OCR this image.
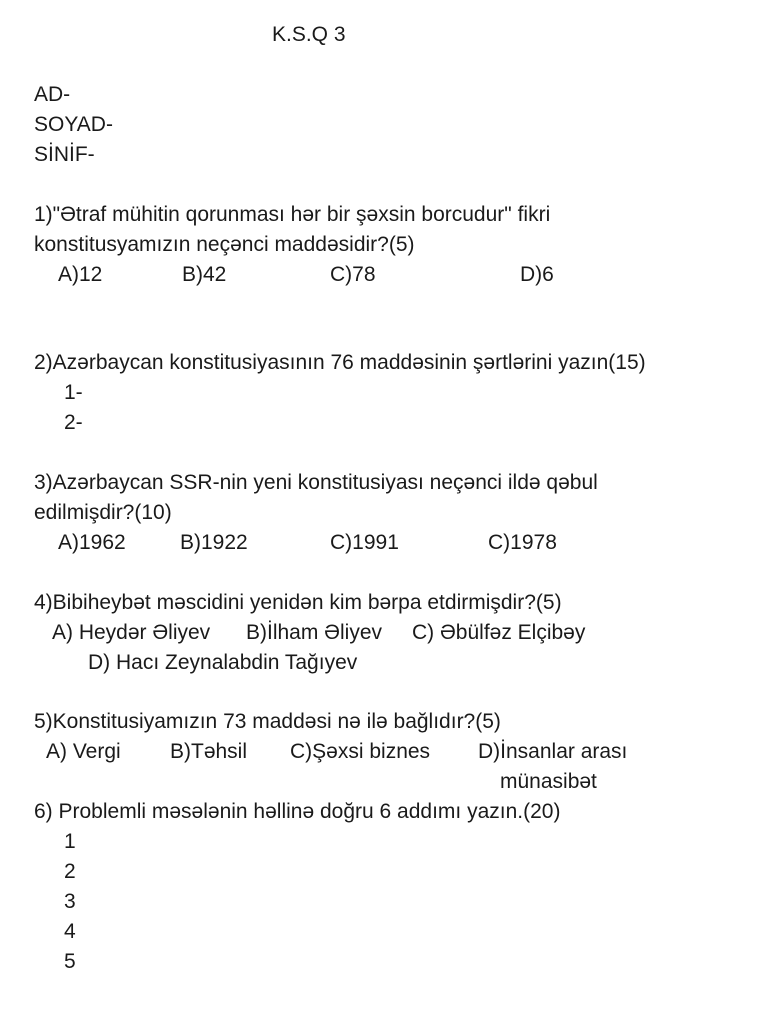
K.S.Q 3
AD-
SOYAD-
SİNİF-
1)"Ətraf mühitin qorunması hər bir şəxsin borcudur" fikri
konstitusyamızın neçənci maddəsidir?(5)
A)12	B)42	C)78	D)6
2)Azərbaycan konstitusiyasının 76 maddəsinin şərtlərini yazın(15)
1-
2-
3)Azərbaycan SSR-nin yeni konstitusiyası neçənci ildə qəbul
edilmişdir?(10)
A)1962	B)1922	C)1991	C)1978
4)Bibiheybət məscidini yenidən kim bərpa etdirmişdir?(5)
A) Heydər Əliyev B)İlham Əliyev C) Əbülfəz Elçibəy
D) Hacı Zeynalabdin Tağıyev
5)Konstitusiyamızın 73 maddəsi nə ilə bağlıdır?(5)
A) Vergi B)Təhsil C)Şəxsi biznes D)İnsanlar arası
münasibət
6) Problemli məsələnin həllinə doğru 6 addımı yazın.(20)
1
2
3
4
5
